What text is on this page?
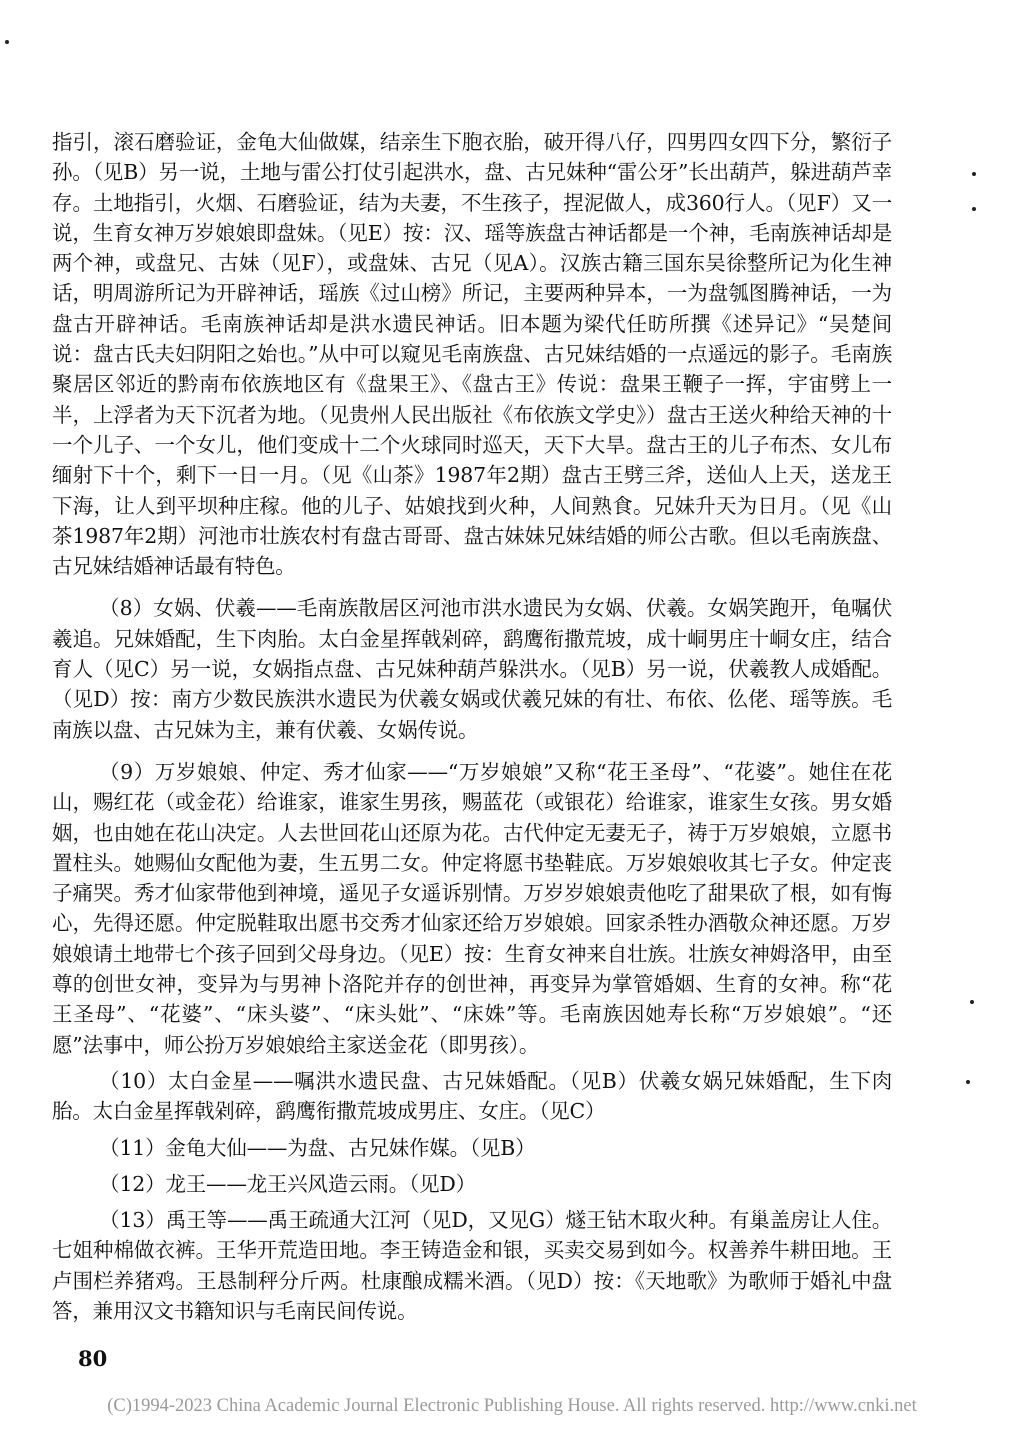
指引，滚石磨验证，金龟大仙做媒，结亲生下胞衣胎，破开得八仔，四男四女四下分，繁衍子孙。（见B）另一说，土地与雷公打仗引起洪水，盘、古兄妹种“雷公牙”长出葫芦，躲进葫芦幸存。土地指引，火烟、石磨验证，结为夫妻，不生孩子，捏泥做人，成360行人。（见F）又一说，生育女神万岁娘娘即盘妹。（见E）按：汉、瑶等族盘古神话都是一个神，毛南族神话却是两个神，或盘兄、古妹（见F），或盘妹、古兄（见A）。汉族古籍三国东吴徐整所记为化生神话，明周游所记为开辟神话，瑶族《过山榜》所记，主要两种异本，一为盘瓠图腾神话，一为盘古开辟神话。毛南族神话却是洪水遗民神话。旧本题为梁代任昉所撰《述异记》“吴楚间说：盘古氏夫妇阴阳之始也。”从中可以窥见毛南族盘、古兄妹结婚的一点遥远的影子。毛南族聚居区邻近的黔南布依族地区有《盘果王》、《盘古王》传说：盘果王鞭子一挥，宇宙劈上一半，上浮者为天下沉者为地。（见贵州人民出版社《布依族文学史》）盘古王送火种给天神的十一个儿子、一个女儿，他们变成十二个火球同时巡天，天下大旱。盘古王的儿子布杰、女儿布缅射下十个，剩下一日一月。（见《山茶》1987年2期）盘古王劈三斧，送仙人上天，送龙王下海，让人到平坝种庄稼。他的儿子、姑娘找到火种，人间熟食。兄妹升天为日月。（见《山茶1987年2期）河池市壮族农村有盘古哥哥、盘古妹妹兄妹结婚的师公古歌。但以毛南族盘、古兄妹结婚神话最有特色。

（8）女娲、伏羲——毛南族散居区河池市洪水遗民为女娲、伏羲。女娲笑跑开，龟嘱伏羲追。兄妹婚配，生下肉胎。太白金星挥戟剁碎，鹞鹰衔撒荒坡，成十峒男庄十峒女庄，结合育人（见C）另一说，女娲指点盘、古兄妹种葫芦躲洪水。（见B）另一说，伏羲教人成婚配。（见D）按：南方少数民族洪水遗民为伏羲女娲或伏羲兄妹的有壮、布依、仫佬、瑶等族。毛南族以盘、古兄妹为主，兼有伏羲、女娲传说。

（9）万岁娘娘、仲定、秀才仙家——“万岁娘娘”又称“花王圣母”、“花婆”。她住在花山，赐红花（或金花）给谁家，谁家生男孩，赐蓝花（或银花）给谁家，谁家生女孩。男女婚姻，也由她在花山决定。人去世回花山还原为花。古代仲定无妻无子，祷于万岁娘娘，立愿书置柱头。她赐仙女配他为妻，生五男二女。仲定将愿书垫鞋底。万岁娘娘收其七子女。仲定丧子痛哭。秀才仙家带他到神境，遥见子女遥诉别情。万岁岁娘娘责他吃了甜果砍了根，如有悔心，先得还愿。仲定脱鞋取出愿书交秀才仙家还给万岁娘娘。回家杀牲办酒敬众神还愿。万岁娘娘请土地带七个孩子回到父母身边。（见E）按：生育女神来自壮族。壮族女神姆洛甲，由至尊的创世女神，变异为与男神卜洛陀并存的创世神，再变异为掌管婚姻、生育的女神。称“花王圣母”、“花婆”、“床头婆”、“床头妣”、“床姝”等。毛南族因她寿长称“万岁娘娘”。“还愿”法事中，师公扮万岁娘娘给主家送金花（即男孩）。

（10）太白金星——嘱洪水遗民盘、古兄妹婚配。（见B）伏羲女娲兄妹婚配，生下肉胎。太白金星挥戟剁碎，鹞鹰衔撒荒坡成男庄、女庄。（见C）

（11）金龟大仙——为盘、古兄妹作媒。（见B）

（12）龙王——龙王兴风造云雨。（见D）

（13）禹王等——禹王疏通大江河（见D，又见G）燧王钻木取火种。有巢盖房让人住。七姐种棉做衣裤。王华开荒造田地。李王铸造金和银，买卖交易到如今。权善养牛耕田地。王卢围栏养猪鸡。王恳制秤分斤两。杜康酿成糯米酒。（见D）按：《天地歌》为歌师于婚礼中盘答，兼用汉文书籍知识与毛南民间传说。

80
(C)1994-2023 China Academic Journal Electronic Publishing House. All rights reserved. http://www.cnki.net
